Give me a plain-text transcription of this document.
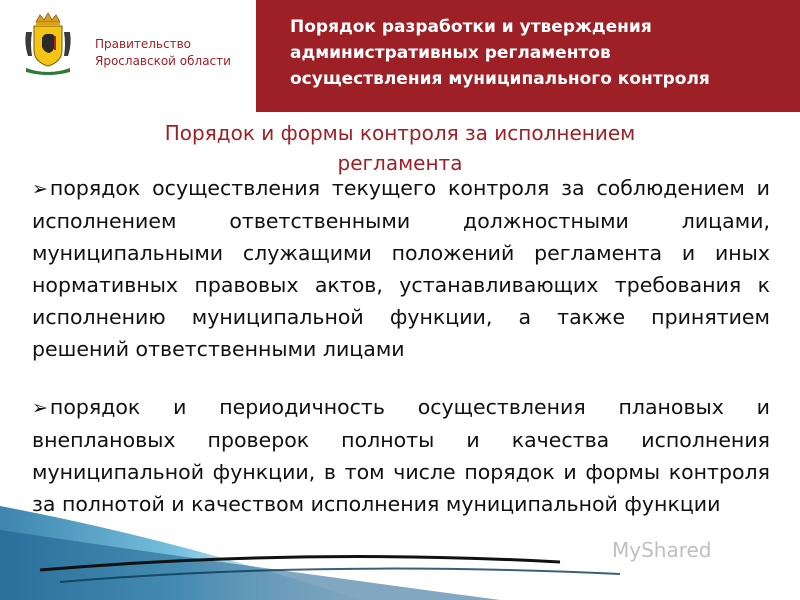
Правительство
Ярославской области
Порядок разработки и утверждения
административных регламентов
осуществления муниципального контроля
Порядок и формы контроля за исполнением
регламента

➢порядок осуществления текущего контроля за соблюдением и исполнением ответственными должностными лицами, муниципальными служащими положений регламента и иных нормативных правовых актов, устанавливающих требования к исполнению муниципальной функции, а также принятием решений ответственными лицами

➢порядок и периодичность осуществления плановых и внеплановых проверок полноты и качества исполнения муниципальной функции, в том числе порядок и формы контроля за полнотой и качеством исполнения муниципальной функции

MyShared
